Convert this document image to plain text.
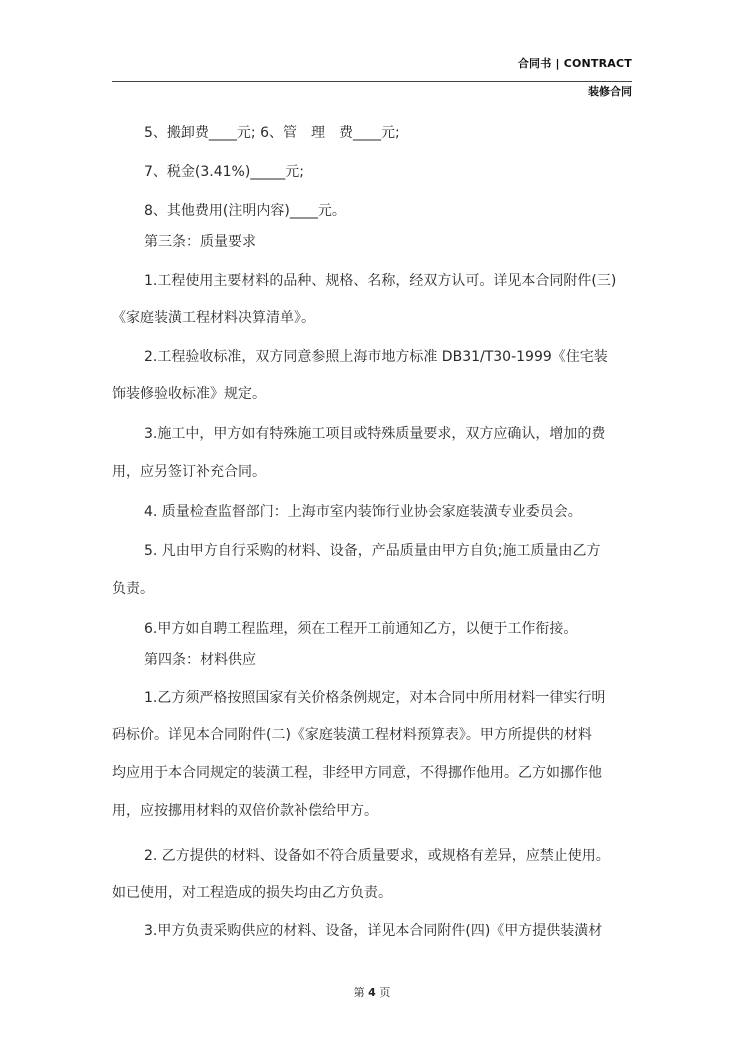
合同书 | CONTRACT
装修合同
5、搬卸费____元; 6、管　理　费____元;
7、税金(3.41%)_____元;
8、其他费用(注明内容)____元。
第三条：质量要求
1.工程使用主要材料的品种、规格、名称，经双方认可。详见本合同附件(三)
《家庭装潢工程材料决算清单》。
2.工程验收标准，双方同意参照上海市地方标准 DB31/T30-1999《住宅装
饰装修验收标准》规定。
3.施工中，甲方如有特殊施工项目或特殊质量要求，双方应确认，增加的费
用，应另签订补充合同。
4. 质量检查监督部门：上海市室内装饰行业协会家庭装潢专业委员会。
5. 凡由甲方自行采购的材料、设备，产品质量由甲方自负;施工质量由乙方
负责。
6.甲方如自聘工程监理，须在工程开工前通知乙方，以便于工作衔接。
第四条：材料供应
1.乙方须严格按照国家有关价格条例规定，对本合同中所用材料一律实行明
码标价。详见本合同附件(二)《家庭装潢工程材料预算表》。甲方所提供的材料
均应用于本合同规定的装潢工程，非经甲方同意，不得挪作他用。乙方如挪作他
用，应按挪用材料的双倍价款补偿给甲方。
2. 乙方提供的材料、设备如不符合质量要求，或规格有差异，应禁止使用。
如已使用，对工程造成的损失均由乙方负责。
3.甲方负责采购供应的材料、设备，详见本合同附件(四)《甲方提供装潢材
第 4 页
